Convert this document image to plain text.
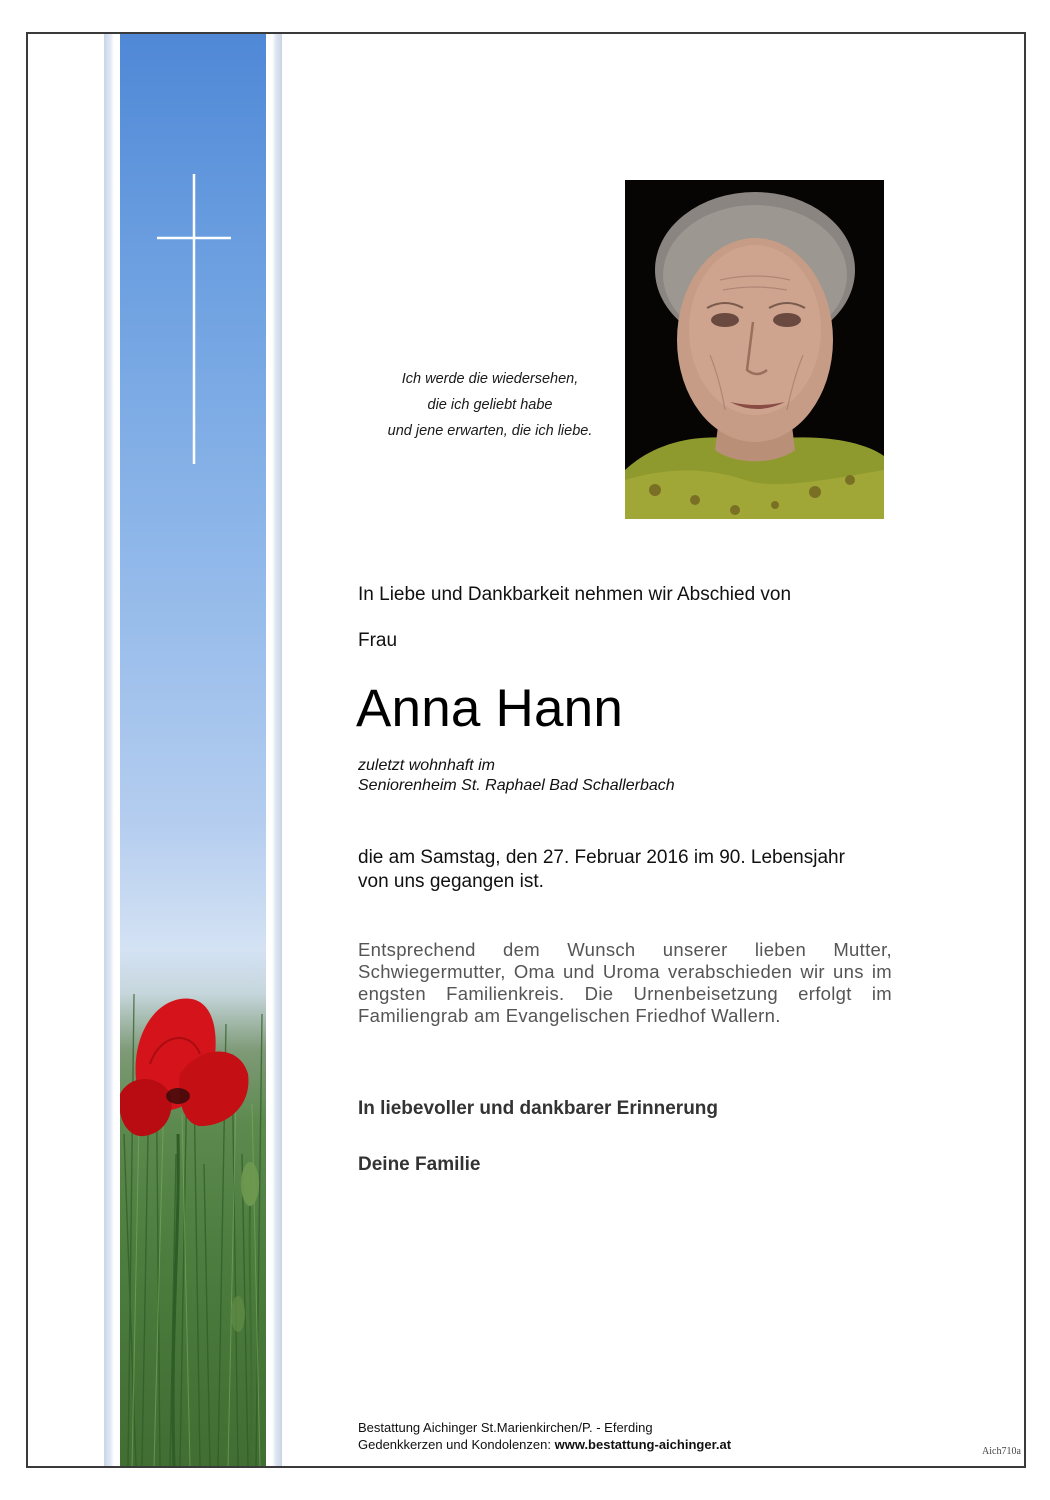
Ich werde die wiedersehen,
die ich geliebt habe
und jene erwarten, die ich liebe.
In Liebe und Dankbarkeit nehmen wir Abschied von
Frau
Anna Hann
zuletzt wohnhaft im
Seniorenheim St. Raphael Bad Schallerbach
die am Samstag, den 27. Februar 2016 im 90. Lebensjahr
von uns gegangen ist.
Entsprechend dem Wunsch unserer lieben Mutter,
Schwiegermutter, Oma und Uroma verabschieden wir uns im
engsten Familienkreis. Die Urnenbeisetzung erfolgt im
Familiengrab am Evangelischen Friedhof Wallern.
In liebevoller und dankbarer Erinnerung
Deine Familie
Bestattung Aichinger St.Marienkirchen/P. - Eferding
Gedenkkerzen und Kondolenzen: www.bestattung-aichinger.at	Aich710a
